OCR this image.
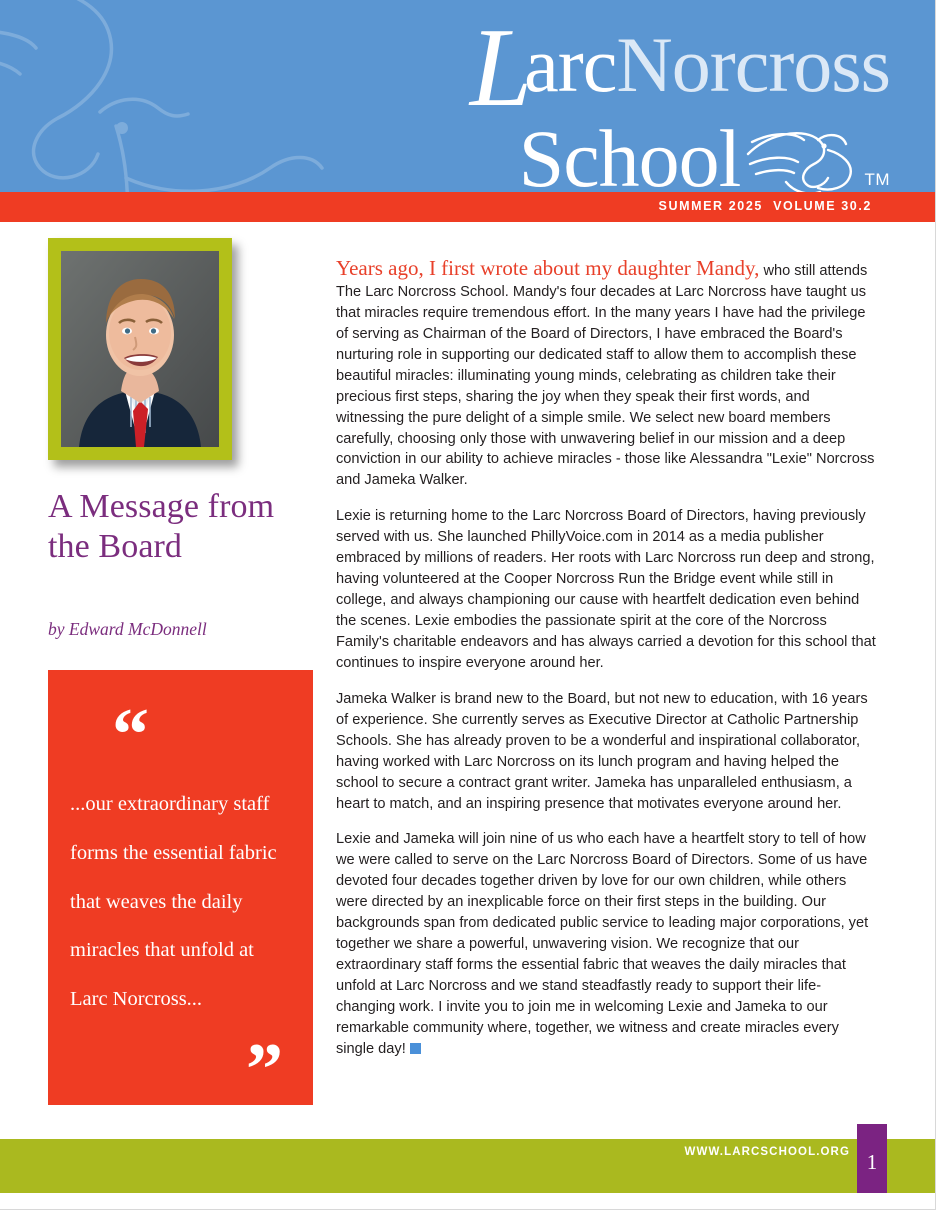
LarcNorcross
School	TM
SUMMER 2025  VOLUME 30.2
A Message from the Board
by Edward McDonnell
“
...our extraordinary staff forms the essential fabric that weaves the daily miracles that unfold at Larc Norcross...
”

Years ago, I first wrote about my daughter Mandy, who still attends The Larc Norcross School. Mandy's four decades at Larc Norcross have taught us that miracles require tremendous effort. In the many years I have had the privilege of serving as Chairman of the Board of Directors, I have embraced the Board's nurturing role in supporting our dedicated staff to allow them to accomplish these beautiful miracles: illuminating young minds, celebrating as children take their precious first steps, sharing the joy when they speak their first words, and witnessing the pure delight of a simple smile. We select new board members carefully, choosing only those with unwavering belief in our mission and a deep conviction in our ability to achieve miracles - those like Alessandra "Lexie" Norcross and Jameka Walker.

Lexie is returning home to the Larc Norcross Board of Directors, having previously served with us. She launched PhillyVoice.com in 2014 as a media publisher embraced by millions of readers. Her roots with Larc Norcross run deep and strong, having volunteered at the Cooper Norcross Run the Bridge event while still in college, and always championing our cause with heartfelt dedication even behind the scenes. Lexie embodies the passionate spirit at the core of the Norcross Family's charitable endeavors and has always carried a devotion for this school that continues to inspire everyone around her.

Jameka Walker is brand new to the Board, but not new to education, with 16 years of experience. She currently serves as Executive Director at Catholic Partnership Schools. She has already proven to be a wonderful and inspirational collaborator, having worked with Larc Norcross on its lunch program and having helped the school to secure a contract grant writer. Jameka has unparalleled enthusiasm, a heart to match, and an inspiring presence that motivates everyone around her.

Lexie and Jameka will join nine of us who each have a heartfelt story to tell of how we were called to serve on the Larc Norcross Board of Directors. Some of us have devoted four decades together driven by love for our own children, while others were directed by an inexplicable force on their first steps in the building. Our backgrounds span from dedicated public service to leading major corporations, yet together we share a powerful, unwavering vision. We recognize that our extraordinary staff forms the essential fabric that weaves the daily miracles that unfold at Larc Norcross and we stand steadfastly ready to support their life-changing work. I invite you to join me in welcoming Lexie and Jameka to our remarkable community where, together, we witness and create miracles every single day!

WWW.LARCSCHOOL.ORG 1
